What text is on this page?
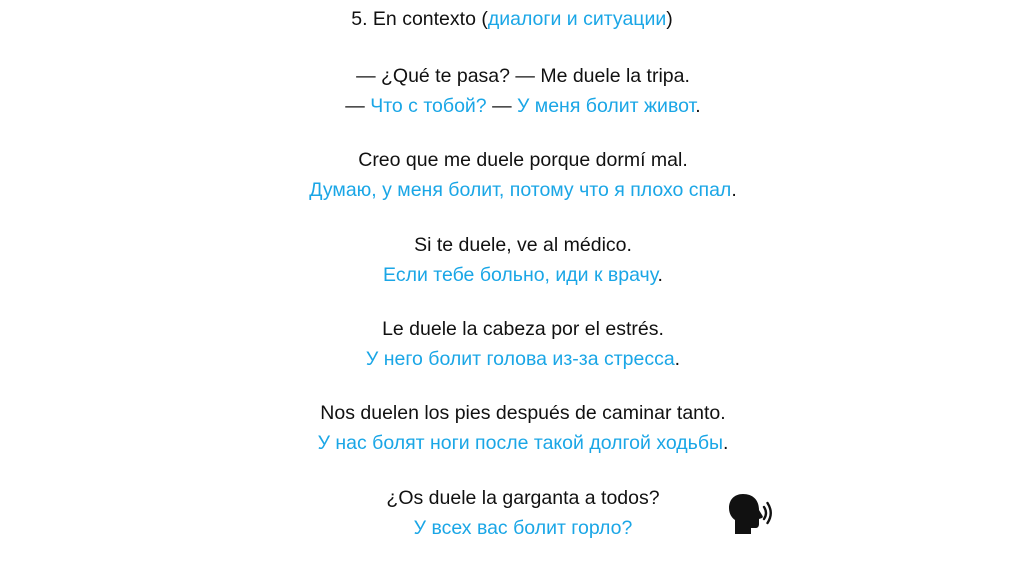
5. En contexto (диалоги и ситуации)
— ¿Qué te pasa? — Me duele la tripa.
— Что с тобой? — У меня болит живот.
Creo que me duele porque dormí mal.
Думаю, у меня болит, потому что я плохо спал.
Si te duele, ve al médico.
Если тебе больно, иди к врачу.
Le duele la cabeza por el estrés.
У него болит голова из-за стресса.
Nos duelen los pies después de caminar tanto.
У нас болят ноги после такой долгой ходьбы.
¿Os duele la garganta a todos?
У всех вас болит горло?
